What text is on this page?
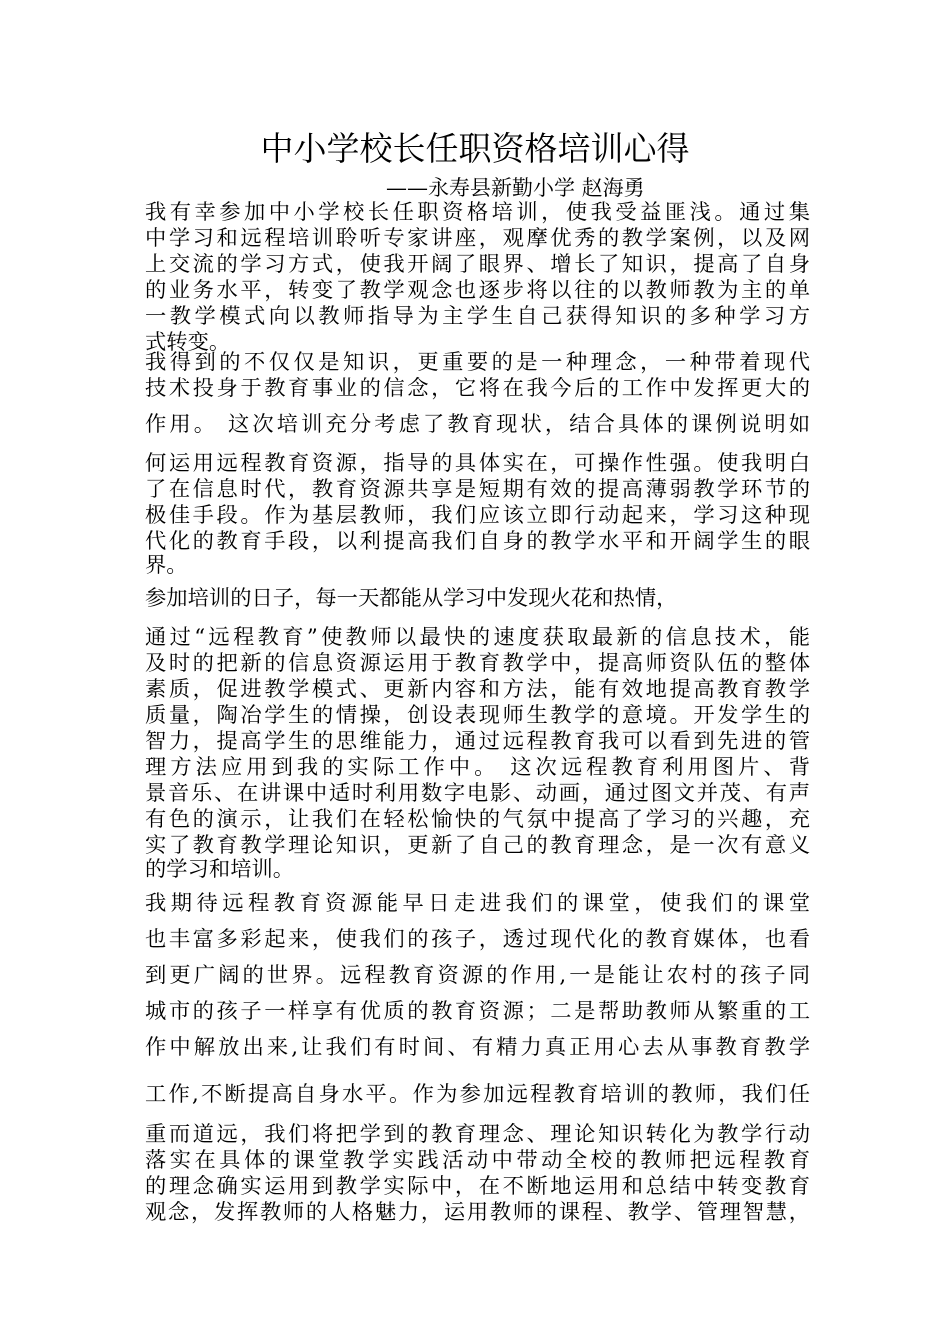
中小学校长任职资格培训心得
——永寿县新勤小学 赵海勇
我有幸参加中小学校长任职资格培训，使我受益匪浅。通过集
中学习和远程培训聆听专家讲座，观摩优秀的教学案例，以及网
上交流的学习方式，使我开阔了眼界、增长了知识，提高了自身
的业务水平，转变了教学观念也逐步将以往的以教师教为主的单
一教学模式向以教师指导为主学生自己获得知识的多种学习方
式转变。
我得到的不仅仅是知识，更重要的是一种理念，一种带着现代
技术投身于教育事业的信念，它将在我今后的工作中发挥更大的
作用。 这次培训充分考虑了教育现状，结合具体的课例说明如
何运用远程教育资源，指导的具体实在，可操作性强。使我明白
了在信息时代，教育资源共享是短期有效的提高薄弱教学环节的
极佳手段。作为基层教师，我们应该立即行动起来，学习这种现
代化的教育手段，以利提高我们自身的教学水平和开阔学生的眼
界。
参加培训的日子，每一天都能从学习中发现火花和热情，
通过“远程教育”使教师以最快的速度获取最新的信息技术，能
及时的把新的信息资源运用于教育教学中，提高师资队伍的整体
素质，促进教学模式、更新内容和方法，能有效地提高教育教学
质量，陶冶学生的情操，创设表现师生教学的意境。开发学生的
智力，提高学生的思维能力，通过远程教育我可以看到先进的管
理方法应用到我的实际工作中。 这次远程教育利用图片、背
景音乐、在讲课中适时利用数字电影、动画，通过图文并茂、有声
有色的演示，让我们在轻松愉快的气氛中提高了学习的兴趣，充
实了教育教学理论知识，更新了自己的教育理念，是一次有意义
的学习和培训。
我期待远程教育资源能早日走进我们的课堂，使我们的课堂
也丰富多彩起来，使我们的孩子，透过现代化的教育媒体，也看
到更广阔的世界。远程教育资源的作用,一是能让农村的孩子同
城市的孩子一样享有优质的教育资源；二是帮助教师从繁重的工
作中解放出来,让我们有时间、有精力真正用心去从事教育教学
工作,不断提高自身水平。作为参加远程教育培训的教师，我们任
重而道远，我们将把学到的教育理念、理论知识转化为教学行动
落实在具体的课堂教学实践活动中带动全校的教师把远程教育
的理念确实运用到教学实际中，在不断地运用和总结中转变教育
观念，发挥教师的人格魅力，运用教师的课程、教学、管理智慧，
